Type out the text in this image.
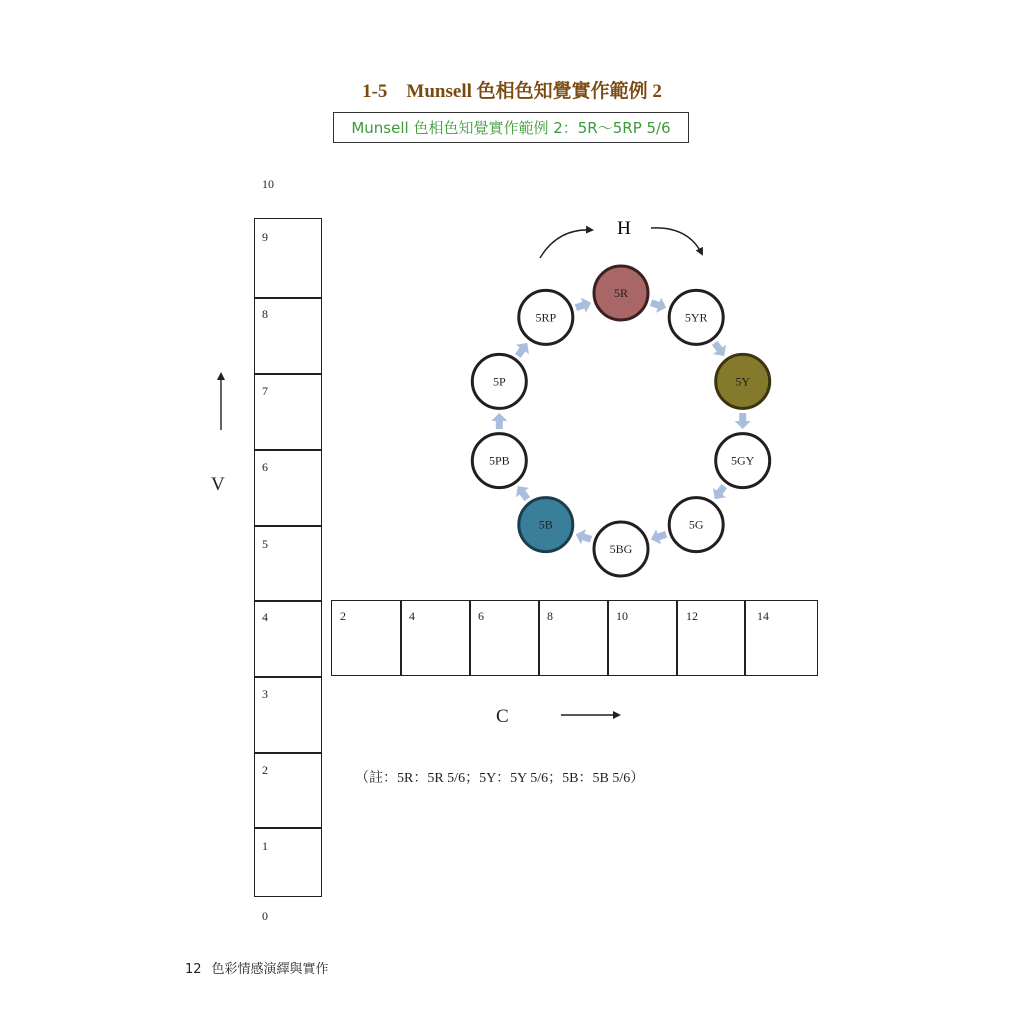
1-5　Munsell 色相色知覺實作範例 2
Munsell 色相色知覺實作範例 2：5R～5RP 5/6
10
0
9
8
7
6
5
4
3
2
1
V
2	4	6	8	10	12	14
C
H
5R
5YR
5Y
5GY
5G
5BG
5B
5PB
5P
5RP
（註：5R：5R 5/6；5Y：5Y 5/6；5B：5B 5/6）
12 色彩情感演繹與實作
